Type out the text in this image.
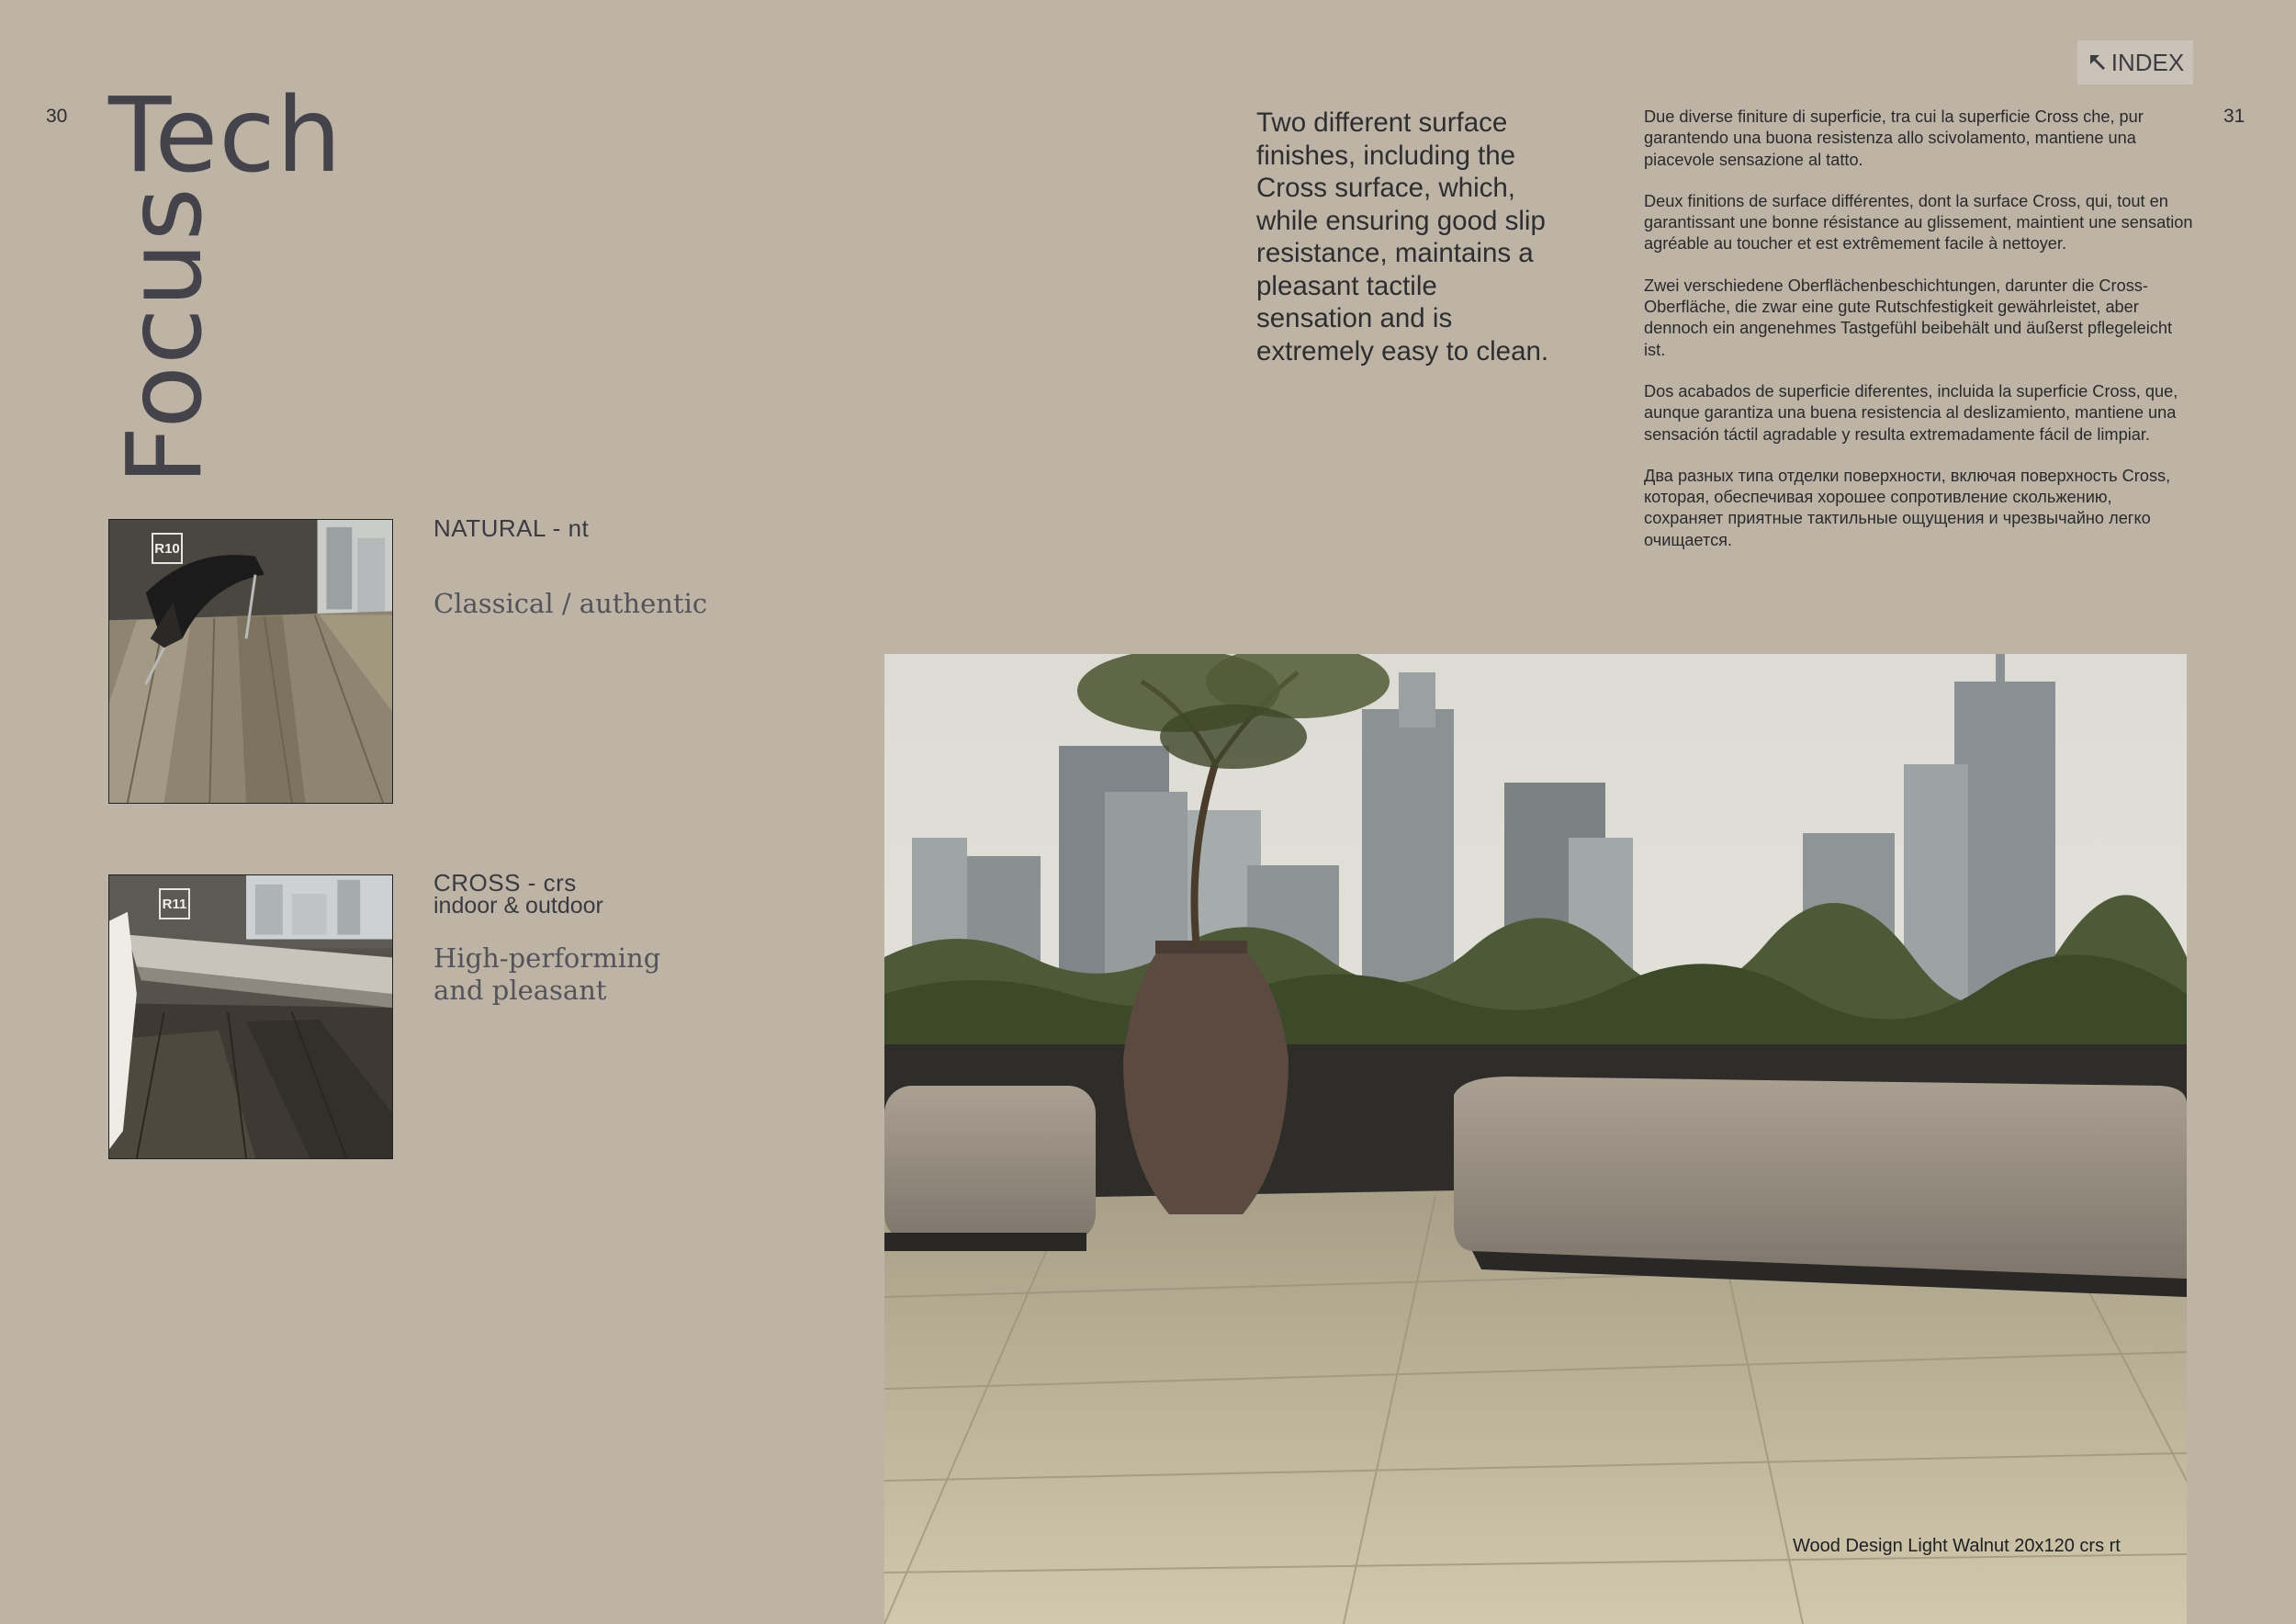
30	31
INDEX
Tech
Focus
R10
NATURAL - nt
Classical / authentic
R11
CROSS - crs
indoor & outdoor
High-performing
and pleasant
Two different surface finishes, including the Cross surface, which, while ensuring good slip resistance, maintains a pleasant tactile sensation and is extremely easy to clean.

Due diverse finiture di superficie, tra cui la superficie Cross che, pur garantendo una buona resistenza allo scivolamento, mantiene una piacevole sensazione al tatto.

Deux finitions de surface différentes, dont la surface Cross, qui, tout en garantissant une bonne résistance au glissement, maintient une sensation agréable au toucher et est extrêmement facile à nettoyer.

Zwei verschiedene Oberflächenbeschichtungen, darunter die Cross-Oberfläche, die zwar eine gute Rutschfestigkeit gewährleistet, aber dennoch ein angenehmes Tastgefühl beibehält und äußerst pflegeleicht ist.

Dos acabados de superficie diferentes, incluida la superficie Cross, que, aunque garantiza una buena resistencia al deslizamiento, mantiene una sensación táctil agradable y resulta extremadamente fácil de limpiar.

Два разных типа отделки поверхности, включая поверхность Cross, которая, обеспечивая хорошее сопротивление скольжению, сохраняет приятные тактильные ощущения и чрезвычайно легко очищается.

Wood Design Light Walnut 20x120 crs rt
